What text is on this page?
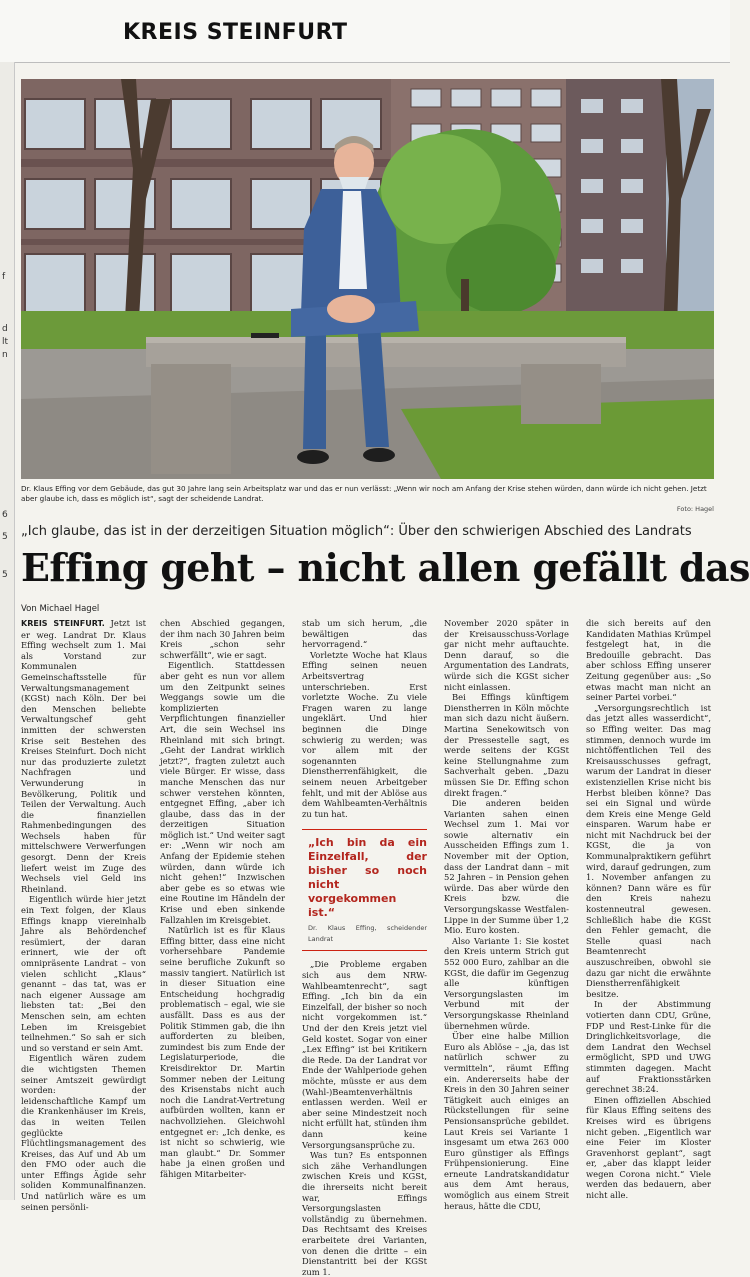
KREIS STEINFURT
f
d
lt
n
6
5
5
Dr. Klaus Effing vor dem Gebäude, das gut 30 Jahre lang sein Arbeitsplatz war und das er nun verlässt: „Wenn wir noch am Anfang der Krise stehen würden, dann würde ich nicht gehen. Jetzt aber glaube ich, dass es möglich ist“, sagt der scheidende Landrat.
Foto: Hagel
„Ich glaube, das ist in der derzeitigen Situation möglich“: Über den schwierigen Abschied des Landrats
Effing geht – nicht allen gefällt das
Von Michael Hagel

KREIS STEINFURT. Jetzt ist er weg. Landrat Dr. Klaus Effing wechselt zum 1. Mai als Vorstand zur Kommunalen Gemeinschaftsstelle für Verwaltungsmanagement (KGSt) nach Köln. Der bei den Menschen beliebte Verwaltungschef geht inmitten der schwersten Krise seit Bestehen des Kreises Steinfurt. Doch nicht nur das produzierte zuletzt Nachfragen und Verwunderung in Bevölkerung, Politik und Teilen der Verwaltung. Auch die finanziellen Rahmenbedingungen des Wechsels haben für mittelschwere Verwerfungen gesorgt. Denn der Kreis liefert weist im Zuge des Wechsels viel Geld ins Rheinland.

Eigentlich würde hier jetzt ein Text folgen, der Klaus Effings knapp viereinhalb Jahre als Behördenchef resümiert, der daran erinnert, wie der oft omnipräsente Landrat – von vielen schlicht „Klaus“ genannt – das tat, was er nach eigener Aussage am liebsten tat: „Bei den Menschen sein, am echten Leben im Kreisgebiet teilnehmen.“ So sah er sich und so verstand er sein Amt.

Eigentlich wären zudem die wichtigsten Themen seiner Amtszeit gewürdigt worden: der leidenschaftliche Kampf um die Krankenhäuser im Kreis, das in weiten Teilen geglückte Flüchtlingsmanagement des Kreises, das Auf und Ab um den FMO oder auch die unter Effings Ägide sehr soliden Kommunalfinanzen. Und natürlich wäre es um seinen persönli-

chen Abschied gegangen, der ihm nach 30 Jahren beim Kreis „schon sehr schwerfällt“, wie er sagt.

Eigentlich. Stattdessen aber geht es nun vor allem um den Zeitpunkt seines Weggangs sowie um die komplizierten Verpflichtungen finanzieller Art, die sein Wechsel ins Rheinland mit sich bringt. „Geht der Landrat wirklich jetzt?“, fragten zuletzt auch viele Bürger. Er wisse, dass manche Menschen das nur schwer verstehen könnten, entgegnet Effing, „aber ich glaube, dass das in der derzeitigen Situation möglich ist.“ Und weiter sagt er: „Wenn wir noch am Anfang der Epidemie stehen würden, dann würde ich nicht gehen!“ Inzwischen aber gebe es so etwas wie eine Routine im Händeln der Krise und eben sinkende Fallzahlen im Kreisgebiet.

Natürlich ist es für Klaus Effing bitter, dass eine nicht vorhersehbare Pandemie seine berufliche Zukunft so massiv tangiert. Natürlich ist in dieser Situation eine Entscheidung hochgradig problematisch – egal, wie sie ausfällt. Dass es aus der Politik Stimmen gab, die ihn aufforderten zu bleiben, zumindest bis zum Ende der Legislaturperiode, die Kreisdirektor Dr. Martin Sommer neben der Leitung des Krisenstabs nicht auch noch die Landrat-Vertretung aufbürden wollten, kann er nachvollziehen. Gleichwohl entgegnet er: „Ich denke, es ist nicht so schwierig, wie man glaubt.“ Dr. Sommer habe ja einen großen und fähigen Mitarbeiter-

stab um sich herum, „die bewältigen das hervorragend.“

Vorletzte Woche hat Klaus Effing seinen neuen Arbeitsvertrag unterschrieben. Erst vorletzte Woche. Zu viele Fragen waren zu lange ungeklärt. Und hier beginnen die Dinge schwierig zu werden; was vor allem mit der sogenannten Dienstherrenfähigkeit, die seinem neuen Arbeitgeber fehlt, und mit der Ablöse aus dem Wahlbeamten-Verhältnis zu tun hat.

„Ich bin da ein Einzelfall, der bisher so noch nicht vorgekommen ist.“
Dr. Klaus Effing, scheidender Landrat

„Die Probleme ergaben sich aus dem NRW-Wahlbeamtenrecht“, sagt Effing. „Ich bin da ein Einzelfall, der bisher so noch nicht vorgekommen ist.“ Und der den Kreis jetzt viel Geld kostet. Sogar von einer „Lex Effing“ ist bei Kritikern die Rede. Da der Landrat vor Ende der Wahlperiode gehen möchte, müsste er aus dem (Wahl-)Beamtenverhältnis entlassen werden. Weil er aber seine Mindestzeit noch nicht erfüllt hat, stünden ihm dann keine Versorgungsansprüche zu.

Was tun? Es entsponnen sich zähe Verhandlungen zwischen Kreis und KGSt, die ihrerseits nicht bereit war, Effings Versorgungslasten vollständig zu übernehmen. Das Rechtsamt des Kreises erarbeitete drei Varianten, von denen die dritte – ein Dienstantritt bei der KGSt zum 1.

November 2020 später in der Kreisausschuss-Vorlage gar nicht mehr auftauchte. Denn darauf, so die Argumentation des Landrats, würde sich die KGSt sicher nicht einlassen.

Bei Effings künftigem Dienstherren in Köln möchte man sich dazu nicht äußern. Martina Senekowitsch von der Pressestelle sagt, es werde seitens der KGSt keine Stellungnahme zum Sachverhalt geben. „Dazu müssen Sie Dr. Effing schon direkt fragen.“

Die anderen beiden Varianten sahen einen Wechsel zum 1. Mai vor sowie alternativ ein Ausscheiden Effings zum 1. November mit der Option, dass der Landrat dann – mit 52 Jahren – in Pension gehen würde. Das aber würde den Kreis bzw. die Versorgungskasse Westfalen-Lippe in der Summe über 1,2 Mio. Euro kosten.

Also Variante 1: Sie kostet den Kreis unterm Strich gut 552 000 Euro, zahlbar an die KGSt, die dafür im Gegenzug alle künftigen Versorgungslasten im Verbund mit der Versorgungskasse Rheinland übernehmen würde.

Über eine halbe Million Euro als Ablöse – „ja, das ist natürlich schwer zu vermitteln“, räumt Effing ein. Andererseits habe der Kreis in den 30 Jahren seiner Tätigkeit auch einiges an Rückstellungen für seine Pensionsansprüche gebildet. Laut Kreis sei Variante 1 insgesamt um etwa 263 000 Euro günstiger als Effings Frühpensionierung. Eine erneute Landratskandidatur aus dem Amt heraus, womöglich aus einem Streit heraus, hätte die CDU,

die sich bereits auf den Kandidaten Mathias Krümpel festgelegt hat, in die Bredouille gebracht. Das aber schloss Effing unserer Zeitung gegenüber aus: „So etwas macht man nicht an seiner Partei vorbei.“

„Versorgungsrechtlich ist das jetzt alles wasserdicht“, so Effing weiter. Das mag stimmen, dennoch wurde im nichtöffentlichen Teil des Kreisausschusses gefragt, warum der Landrat in dieser existenziellen Krise nicht bis Herbst bleiben könne? Das sei ein Signal und würde dem Kreis eine Menge Geld einsparen. Warum habe er nicht mit Nachdruck bei der KGSt, die ja von Kommunalpraktikern geführt wird, darauf gedrungen, zum 1. November anfangen zu können? Dann wäre es für den Kreis nahezu kostenneutral gewesen. Schließlich habe die KGSt den Fehler gemacht, die Stelle quasi nach Beamtenrecht auszuschreiben, obwohl sie dazu gar nicht die erwähnte Dienstherrenfähigkeit besitze.

In der Abstimmung votierten dann CDU, Grüne, FDP und Rest-Linke für die Dringlichkeitsvorlage, die dem Landrat den Wechsel ermöglicht, SPD und UWG stimmten dagegen. Macht auf Fraktionsstärken gerechnet 38:24.

Einen offiziellen Abschied für Klaus Effing seitens des Kreises wird es übrigens nicht geben. „Eigentlich war eine Feier im Kloster Gravenhorst geplant“, sagt er, „aber das klappt leider wegen Corona nicht.“ Viele werden das bedauern, aber nicht alle.
